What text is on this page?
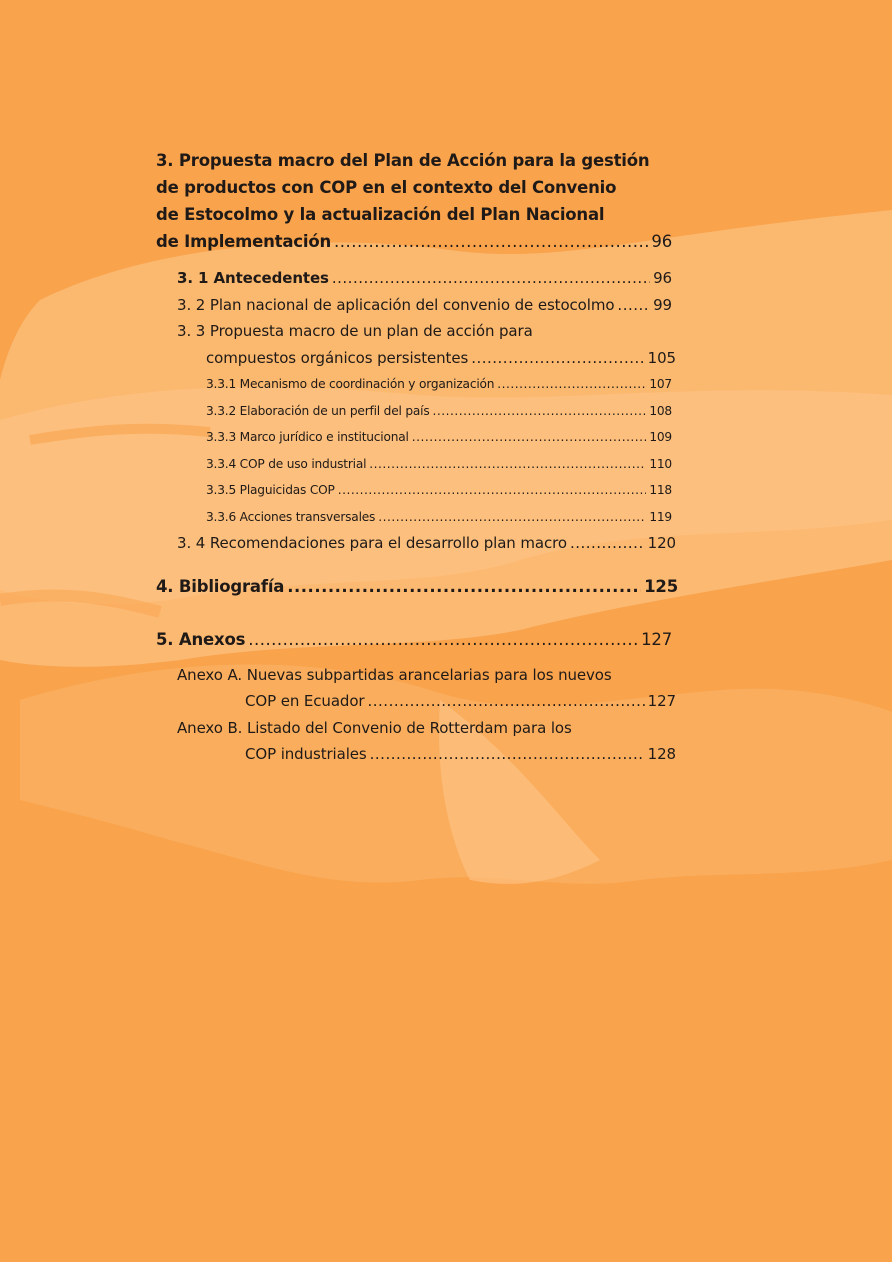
3. Propuesta macro del Plan de Acción para la gestión
de productos con COP en el contexto del Convenio
de Estocolmo y la actualización del Plan Nacional
de Implementación .....	96
3. 1 Antecedentes .....	96
3. 2 Plan nacional de aplicación del convenio de estocolmo .....	99
3. 3 Propuesta macro de un plan de acción para
compuestos orgánicos persistentes .....	105
3.3.1 Mecanismo de coordinación y organización .....	107
3.3.2 Elaboración de un perfil del país .....	108
3.3.3 Marco jurídico e institucional .....	109
3.3.4 COP de uso industrial .....	110
3.3.5 Plaguicidas COP .....	118
3.3.6 Acciones transversales .....	119
3. 4 Recomendaciones para el desarrollo plan macro .....	120
4. Bibliografía .....	125
5. Anexos .....	127
Anexo A. Nuevas subpartidas arancelarias para los nuevos
COP en Ecuador .....	127
Anexo B. Listado del Convenio de Rotterdam para los
COP industriales .....	128
